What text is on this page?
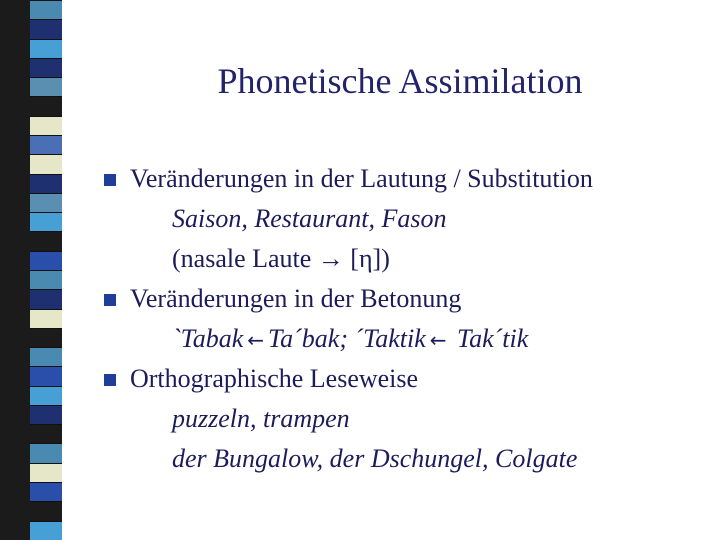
Phonetische Assimilation
Veränderungen in der Lautung / Substitution
Saison, Restaurant, Fason
(nasale Laute → [η])
Veränderungen in der Betonung
`Tabak ← Ta´bak; ´Taktik ← Tak´tik
Orthographische Leseweise
puzzeln, trampen
der Bungalow, der Dschungel, Colgate
